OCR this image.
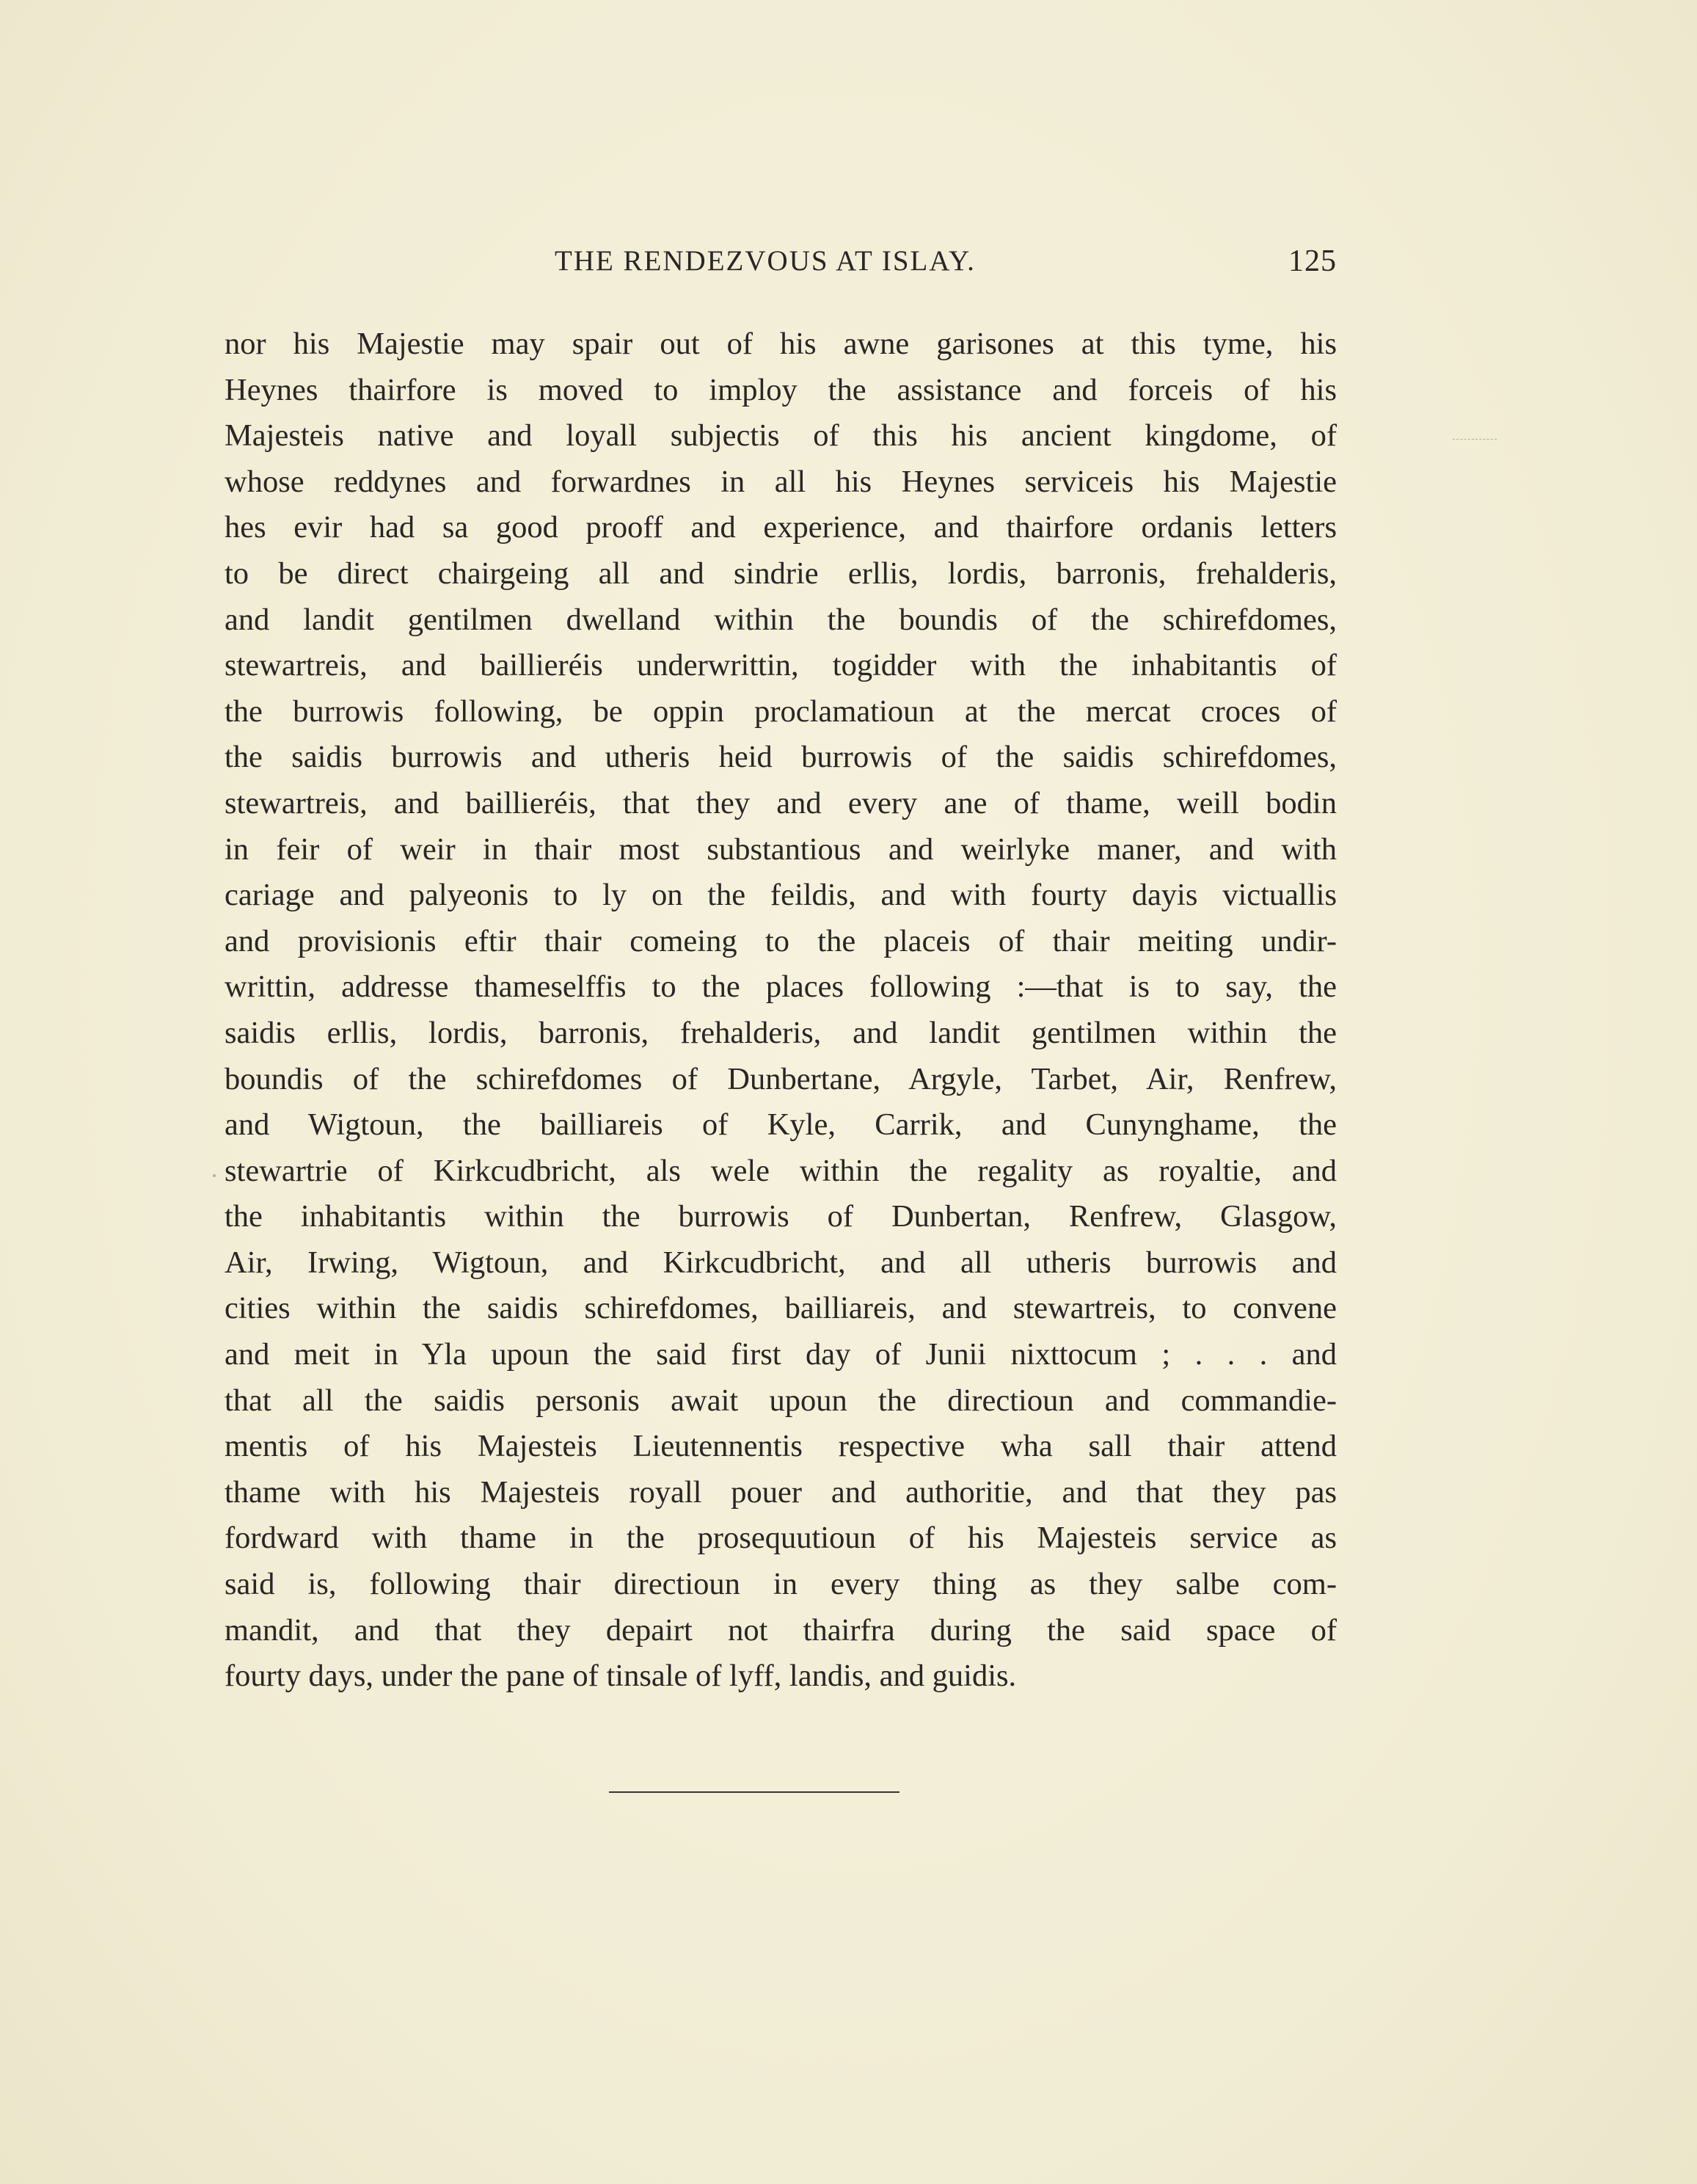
THE RENDEZVOUS AT ISLAY.	125
nor his Majestie may spair out of his awne garisones at this tyme, his
Heynes thairfore is moved to imploy the assistance and forceis of his
Majesteis native and loyall subjectis of this his ancient kingdome, of
whose reddynes and forwardnes in all his Heynes serviceis his Majestie
hes evir had sa good prooff and experience, and thairfore ordanis letters
to be direct chairgeing all and sindrie erllis, lordis, barronis, frehalderis,
and landit gentilmen dwelland within the boundis of the schirefdomes,
stewartreis, and baillieréis underwrittin, togidder with the inhabitantis of
the burrowis following, be oppin proclamatioun at the mercat croces of
the saidis burrowis and utheris heid burrowis of the saidis schirefdomes,
stewartreis, and baillieréis, that they and every ane of thame, weill bodin
in feir of weir in thair most substantious and weirlyke maner, and with
cariage and palyeonis to ly on the feildis, and with fourty dayis victuallis
and provisionis eftir thair comeing to the placeis of thair meiting undir-
writtin, addresse thameselffis to the places following :—that is to say, the
saidis erllis, lordis, barronis, frehalderis, and landit gentilmen within the
boundis of the schirefdomes of Dunbertane, Argyle, Tarbet, Air, Renfrew,
and Wigtoun, the bailliareis of Kyle, Carrik, and Cunynghame, the
stewartrie of Kirkcudbricht, als wele within the regality as royaltie, and
the inhabitantis within the burrowis of Dunbertan, Renfrew, Glasgow,
Air, Irwing, Wigtoun, and Kirkcudbricht, and all utheris burrowis and
cities within the saidis schirefdomes, bailliareis, and stewartreis, to convene
and meit in Yla upoun the said first day of Junii nixttocum ; . . . and
that all the saidis personis await upoun the directioun and commandie-
mentis of his Majesteis Lieutennentis respective wha sall thair attend
thame with his Majesteis royall pouer and authoritie, and that they pas
fordward with thame in the prosequutioun of his Majesteis service as
said is, following thair directioun in every thing as they salbe com-
mandit, and that they depairt not thairfra during the said space of
fourty days, under the pane of tinsale of lyff, landis, and guidis.
